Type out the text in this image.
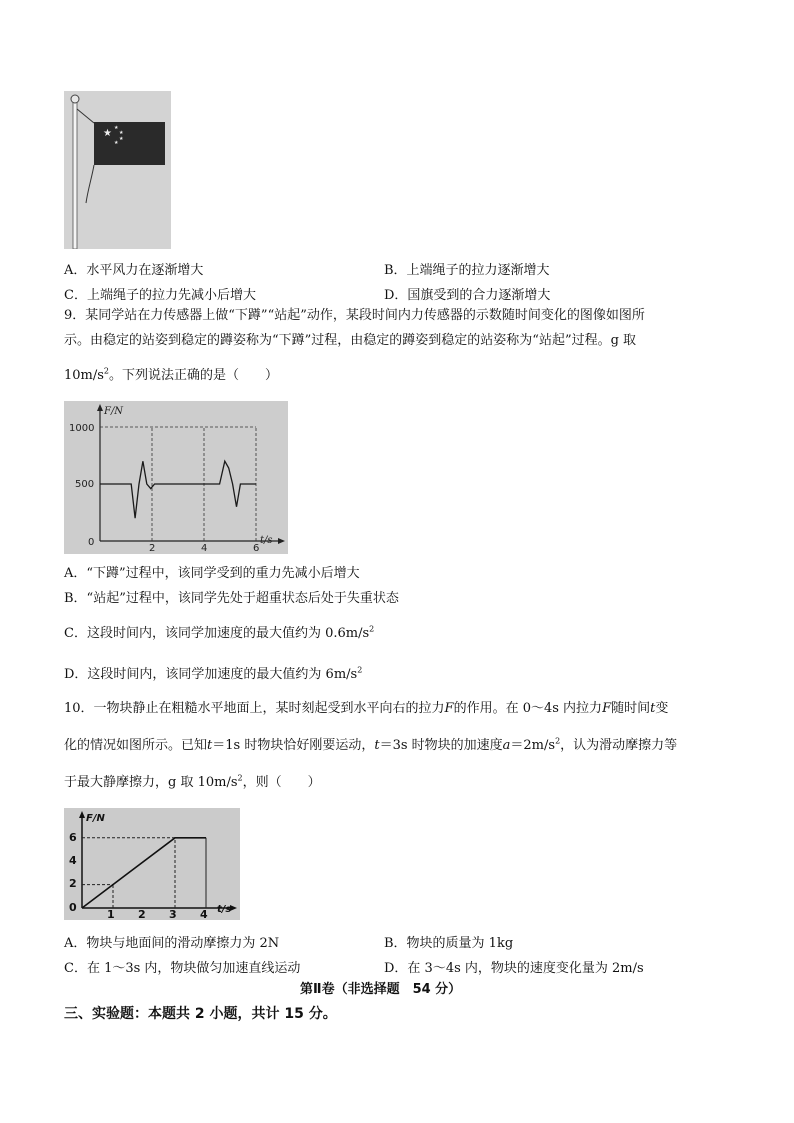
★ ★
★
★
★
A．水平风力在逐渐增大	B．上端绳子的拉力逐渐增大
C．上端绳子的拉力先减小后增大	D．国旗受到的合力逐渐增大
9．某同学站在力传感器上做“下蹲”“站起”动作，某段时间内力传感器的示数随时间变化的图像如图所
示。由稳定的站姿到稳定的蹲姿称为“下蹲”过程，由稳定的蹲姿到稳定的站姿称为“站起”过程。g 取
$10m/s^2$。下列说法正确的是（　　）
F/N
t/s
0
1000
500
2	4	6
A．“下蹲”过程中，该同学受到的重力先减小后增大
B．“站起”过程中，该同学先处于超重状态后处于失重状态
C．这段时间内，该同学加速度的最大值约为 $0.6m/s^2$
D．这段时间内，该同学加速度的最大值约为 $6m/s^2$
10．一物块静止在粗糙水平地面上，某时刻起受到水平向右的拉力F的作用。在 0～4s 内拉力F随时间t变
化的情况如图所示。已知t＝1s 时物块恰好刚要运动，t＝3s 时物块的加速度$a=2m/s^2$，认为滑动摩擦力等
于最大静摩擦力，g 取 $10m/s^2$，则（　　）
F/N
t/s
6
4
2
0
1 2 3 4
A．物块与地面间的滑动摩擦力为 2N	B．物块的质量为 1kg
C．在 1～3s 内，物块做匀加速直线运动	D．在 3～4s 内，物块的速度变化量为 2m/s
第Ⅱ卷（非选择题　54 分）
三、实验题：本题共 2 小题，共计 15 分。
